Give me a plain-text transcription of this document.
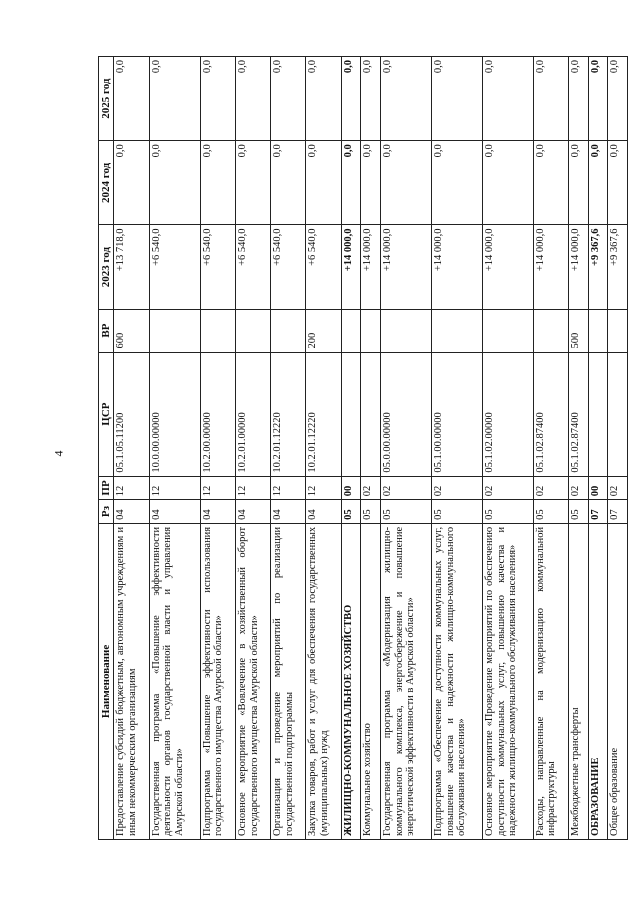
4
Наименование	Рз	ПР	ЦСР	ВР	2023 год	2024 год	2025 год
Предоставление субсидий бюджетным, автономным учреждениям и иным некоммерческим организациям	04	12	05.1.05.11200	600	+13 718,0	0,0	0,0
Государственная программа «Повышение эффективности деятельности органов государственной власти и управления Амурской области»	04	12	10.0.00.00000		+6 540,0	0,0	0,0
Подпрограмма «Повышение эффективности использования государственного имущества Амурской области»	04	12	10.2.00.00000		+6 540,0	0,0	0,0
Основное мероприятие «Вовлечение в хозяйственный оборот государственного имущества Амурской области»	04	12	10.2.01.00000		+6 540,0	0,0	0,0
Организация и проведение мероприятий по реализации государственной подпрограммы	04	12	10.2.01.12220		+6 540,0	0,0	0,0
Закупка товаров, работ и услуг для обеспечения государственных (муниципальных) нужд	04	12	10.2.01.12220	200	+6 540,0	0,0	0,0
ЖИЛИЩНО-КОММУНАЛЬНОЕ ХОЗЯЙСТВО	05	00			+14 000,0	0,0	0,0
Коммунальное хозяйство	05	02			+14 000,0	0,0	0,0
Государственная программа «Модернизация жилищно-коммунального комплекса, энергосбережение и повышение энергетической эффективности в Амурской области»	05	02	05.0.00.00000		+14 000,0	0,0	0,0
Подпрограмма «Обеспечение доступности коммунальных услуг, повышение качества и надежности жилищно-коммунального обслуживания населения»	05	02	05.1.00.00000		+14 000,0	0,0	0,0
Основное мероприятие «Проведение мероприятий по обеспечению доступности коммунальных услуг, повышению качества и надежности жилищно-коммунального обслуживания населения»	05	02	05.1.02.00000		+14 000,0	0,0	0,0
Расходы, направленные на модернизацию коммунальной инфраструктуры	05	02	05.1.02.87400		+14 000,0	0,0	0,0
Межбюджетные трансферты	05	02	05.1.02.87400	500	+14 000,0	0,0	0,0
ОБРАЗОВАНИЕ	07	00			+9 367,6	0,0	0,0
Общее образование	07	02			+9 367,6	0,0	0,0
